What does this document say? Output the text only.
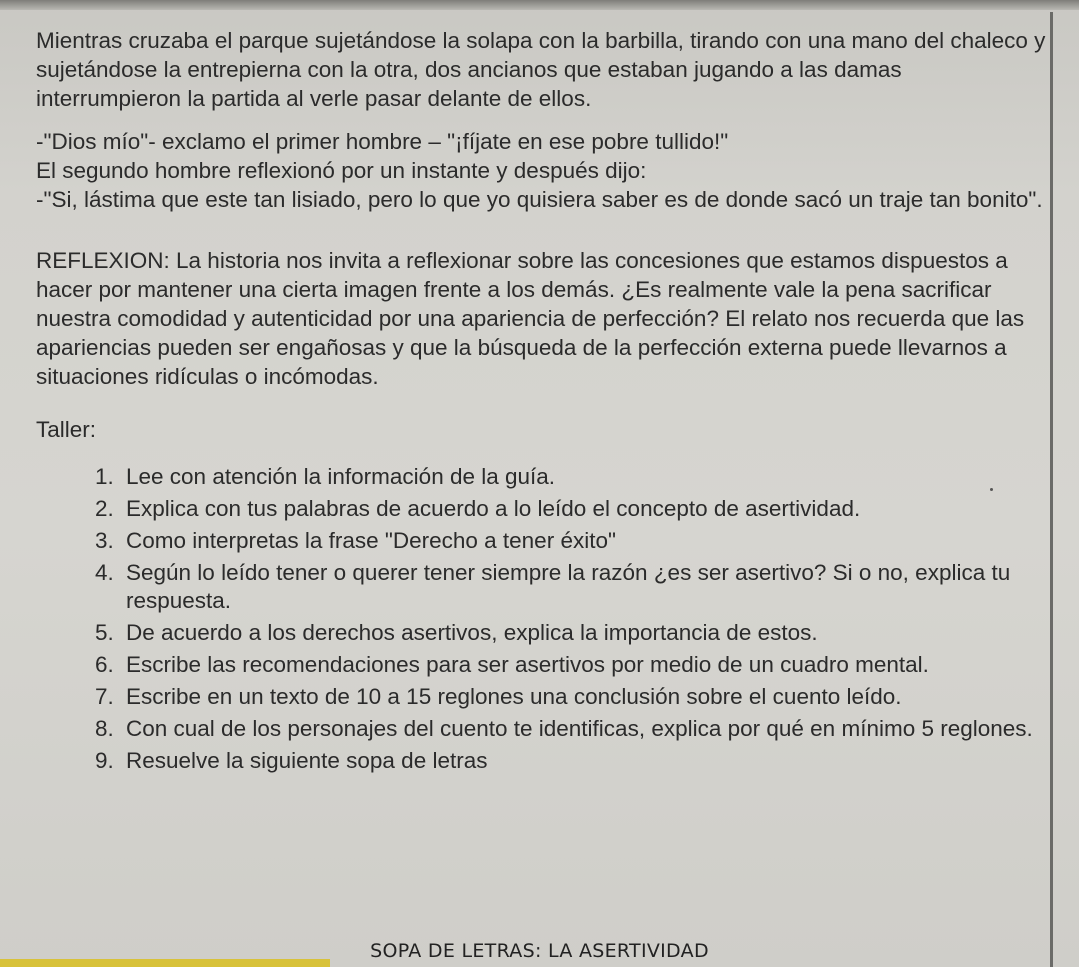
Mientras cruzaba el parque sujetándose la solapa con la barbilla, tirando con una mano del chaleco y sujetándose la entrepierna con la otra, dos ancianos que estaban jugando a las damas interrumpieron la partida al verle pasar delante de ellos.

-"Dios mío"- exclamo el primer hombre – "¡fíjate en ese pobre tullido!"

El segundo hombre reflexionó por un instante y después dijo:

-"Si, lástima que este tan lisiado, pero lo que yo quisiera saber es de donde sacó un traje tan bonito".

REFLEXION: La historia nos invita a reflexionar sobre las concesiones que estamos dispuestos a hacer por mantener una cierta imagen frente a los demás. ¿Es realmente vale la pena sacrificar nuestra comodidad y autenticidad por una apariencia de perfección? El relato nos recuerda que las apariencias pueden ser engañosas y que la búsqueda de la perfección externa puede llevarnos a situaciones ridículas o incómodas.

Taller:
1. Lee con atención la información de la guía.
2. Explica con tus palabras de acuerdo a lo leído el concepto de asertividad.
3. Como interpretas la frase "Derecho a tener éxito"
4. Según lo leído tener o querer tener siempre la razón ¿es ser asertivo? Si o no, explica tu respuesta.
5. De acuerdo a los derechos asertivos, explica la importancia de estos.
6. Escribe las recomendaciones para ser asertivos por medio de un cuadro mental.
7. Escribe en un texto de 10 a 15 reglones una conclusión sobre el cuento leído.
8. Con cual de los personajes del cuento te identificas, explica por qué en mínimo 5 reglones.
9. Resuelve la siguiente sopa de letras
SOPA DE LETRAS: LA ASERTIVIDAD
